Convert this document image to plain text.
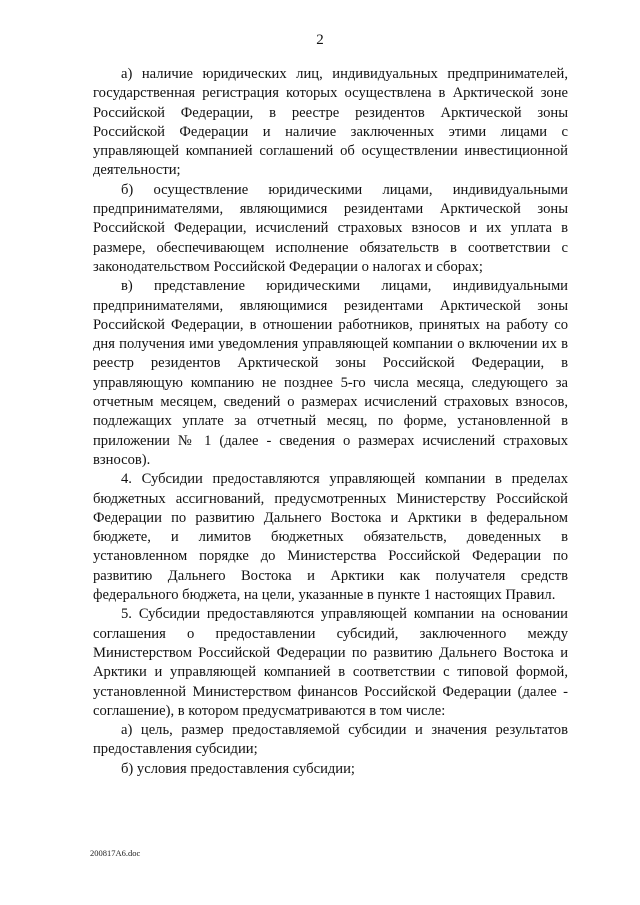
2

а) наличие юридических лиц, индивидуальных предпринимателей, государственная регистрация которых осуществлена в Арктической зоне Российской Федерации, в реестре резидентов Арктической зоны Российской Федерации и наличие заключенных этими лицами с управляющей компанией соглашений об осуществлении инвестиционной деятельности;

б) осуществление юридическими лицами, индивидуальными предпринимателями, являющимися резидентами Арктической зоны Российской Федерации, исчислений страховых взносов и их уплата в размере, обеспечивающем исполнение обязательств в соответствии с законодательством Российской Федерации о налогах и сборах;

в) представление юридическими лицами, индивидуальными предпринимателями, являющимися резидентами Арктической зоны Российской Федерации, в отношении работников, принятых на работу со дня получения ими уведомления управляющей компании о включении их в реестр резидентов Арктической зоны Российской Федерации, в управляющую компанию не позднее 5-го числа месяца, следующего за отчетным месяцем, сведений о размерах исчислений страховых взносов, подлежащих уплате за отчетный месяц, по форме, установленной в приложении № 1 (далее - сведения о размерах исчислений страховых взносов).

4. Субсидии предоставляются управляющей компании в пределах бюджетных ассигнований, предусмотренных Министерству Российской Федерации по развитию Дальнего Востока и Арктики в федеральном бюджете, и лимитов бюджетных обязательств, доведенных в установленном порядке до Министерства Российской Федерации по развитию Дальнего Востока и Арктики как получателя средств федерального бюджета, на цели, указанные в пункте 1 настоящих Правил.

5. Субсидии предоставляются управляющей компании на основании соглашения о предоставлении субсидий, заключенного между Министерством Российской Федерации по развитию Дальнего Востока и Арктики и управляющей компанией в соответствии с типовой формой, установленной Министерством финансов Российской Федерации (далее - соглашение), в котором предусматриваются в том числе:

а) цель, размер предоставляемой субсидии и значения результатов предоставления субсидии;

б) условия предоставления субсидии;

200817A6.doc
